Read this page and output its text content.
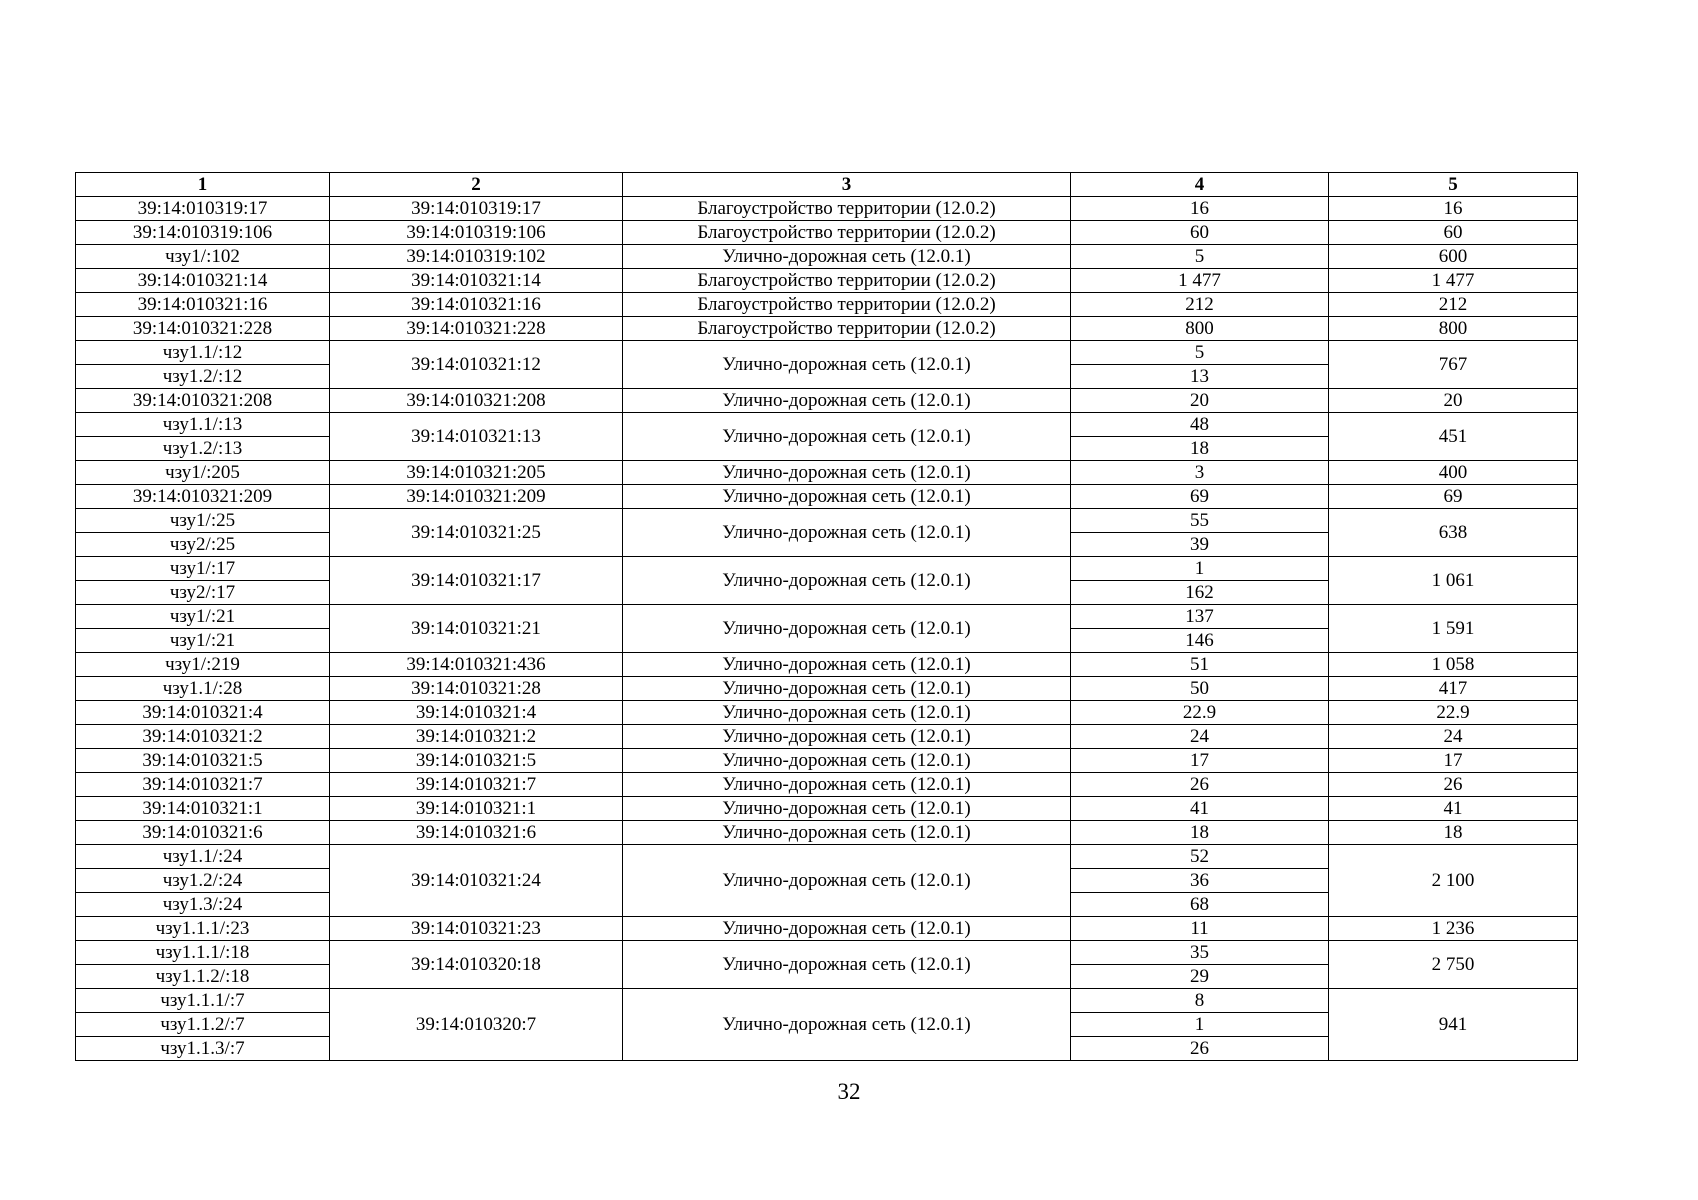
1	2	3	4	5
39:14:010319:17	39:14:010319:17	Благоустройство территории (12.0.2)	16	16
39:14:010319:106	39:14:010319:106	Благоустройство территории (12.0.2)	60	60
чзу1/:102	39:14:010319:102	Улично-дорожная сеть (12.0.1)	5	600
39:14:010321:14	39:14:010321:14	Благоустройство территории (12.0.2)	1 477	1 477
39:14:010321:16	39:14:010321:16	Благоустройство территории (12.0.2)	212	212
39:14:010321:228	39:14:010321:228	Благоустройство территории (12.0.2)	800	800
чзу1.1/:12	39:14:010321:12	Улично-дорожная сеть (12.0.1)	5	767
чзу1.2/:12			13	
39:14:010321:208	39:14:010321:208	Улично-дорожная сеть (12.0.1)	20	20
чзу1.1/:13	39:14:010321:13	Улично-дорожная сеть (12.0.1)	48	451
чзу1.2/:13			18	
чзу1/:205	39:14:010321:205	Улично-дорожная сеть (12.0.1)	3	400
39:14:010321:209	39:14:010321:209	Улично-дорожная сеть (12.0.1)	69	69
чзу1/:25	39:14:010321:25	Улично-дорожная сеть (12.0.1)	55	638
чзу2/:25			39	
чзу1/:17	39:14:010321:17	Улично-дорожная сеть (12.0.1)	1	1 061
чзу2/:17			162	
чзу1/:21	39:14:010321:21	Улично-дорожная сеть (12.0.1)	137	1 591
чзу1/:21			146	
чзу1/:219	39:14:010321:436	Улично-дорожная сеть (12.0.1)	51	1 058
чзу1.1/:28	39:14:010321:28	Улично-дорожная сеть (12.0.1)	50	417
39:14:010321:4	39:14:010321:4	Улично-дорожная сеть (12.0.1)	22.9	22.9
39:14:010321:2	39:14:010321:2	Улично-дорожная сеть (12.0.1)	24	24
39:14:010321:5	39:14:010321:5	Улично-дорожная сеть (12.0.1)	17	17
39:14:010321:7	39:14:010321:7	Улично-дорожная сеть (12.0.1)	26	26
39:14:010321:1	39:14:010321:1	Улично-дорожная сеть (12.0.1)	41	41
39:14:010321:6	39:14:010321:6	Улично-дорожная сеть (12.0.1)	18	18
чзу1.1/:24	39:14:010321:24	Улично-дорожная сеть (12.0.1)	52	2 100
чзу1.2/:24			36	
чзу1.3/:24			68	
чзу1.1.1/:23	39:14:010321:23	Улично-дорожная сеть (12.0.1)	11	1 236
чзу1.1.1/:18	39:14:010320:18	Улично-дорожная сеть (12.0.1)	35	2 750
чзу1.1.2/:18			29	
чзу1.1.1/:7	39:14:010320:7	Улично-дорожная сеть (12.0.1)	8	941
чзу1.1.2/:7			1	
чзу1.1.3/:7			26	
32
